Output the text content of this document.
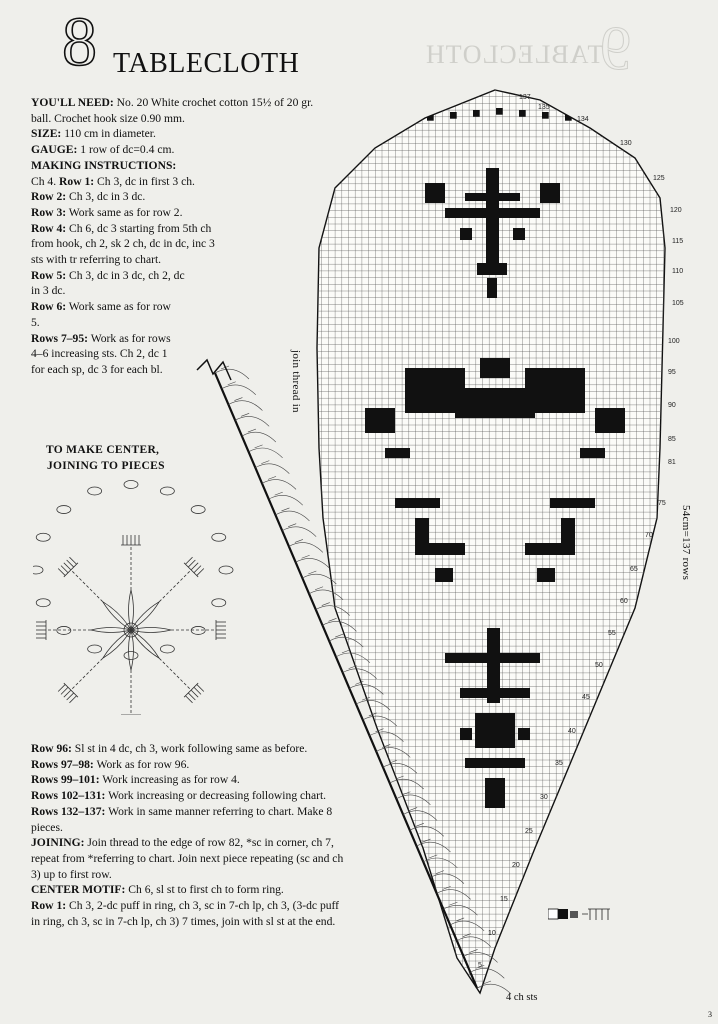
9
TABLECLOTH
8 TABLECLOTH

YOU'LL NEED: No. 20 White crochet cotton 15½ of 20 gr. ball. Crochet hook size 0.90 mm.

SIZE: 110 cm in diameter.

GAUGE: 1 row of dc=0.4 cm.

MAKING INSTRUCTIONS:

Ch 4. Row 1: Ch 3, dc in first 3 ch.

Row 2: Ch 3, dc in 3 dc.

Row 3: Work same as for row 2.

Row 4: Ch 6, dc 3 starting from 5th ch from hook, ch 2, sk 2 ch, dc in dc, inc 3 sts with tr referring to chart.

Row 5: Ch 3, dc in 3 dc, ch 2, dc in 3 dc.

Row 6: Work same as for row 5.

Rows 7–95: Work as for rows 4–6 increasing sts. Ch 2, dc 1 for each sp, dc 3 for each bl.

TO MAKE CENTER,
JOINING TO PIECES

Row 96: Sl st in 4 dc, ch 3, work following same as before.

Rows 97–98: Work as for row 96.

Rows 99–101: Work increasing as for row 4.

Rows 102–131: Work increasing or decreasing following chart.

Rows 132–137: Work in same manner referring to chart. Make 8 pieces.

JOINING: Join thread to the edge of row 82, *sc in corner, ch 7, repeat from *referring to chart. Join next piece repeating (sc and ch 3) up to first row.

CENTER MOTIF: Ch 6, sl st to first ch to form ring.

Row 1: Ch 3, 2-dc puff in ring, ch 3, sc in 7-ch lp, ch 3, (3-dc puff in ring, ch 3, sc in 7-ch lp, ch 3) 7 times, join with sl st at the end.

join thread in
54cm=137 rows
4 ch sts
137
135
134
130
125
120
115
110
105
100
95
90
85
81
75
70
65
60
55
50
45
40
35
30
25
20
15
10
5
3
